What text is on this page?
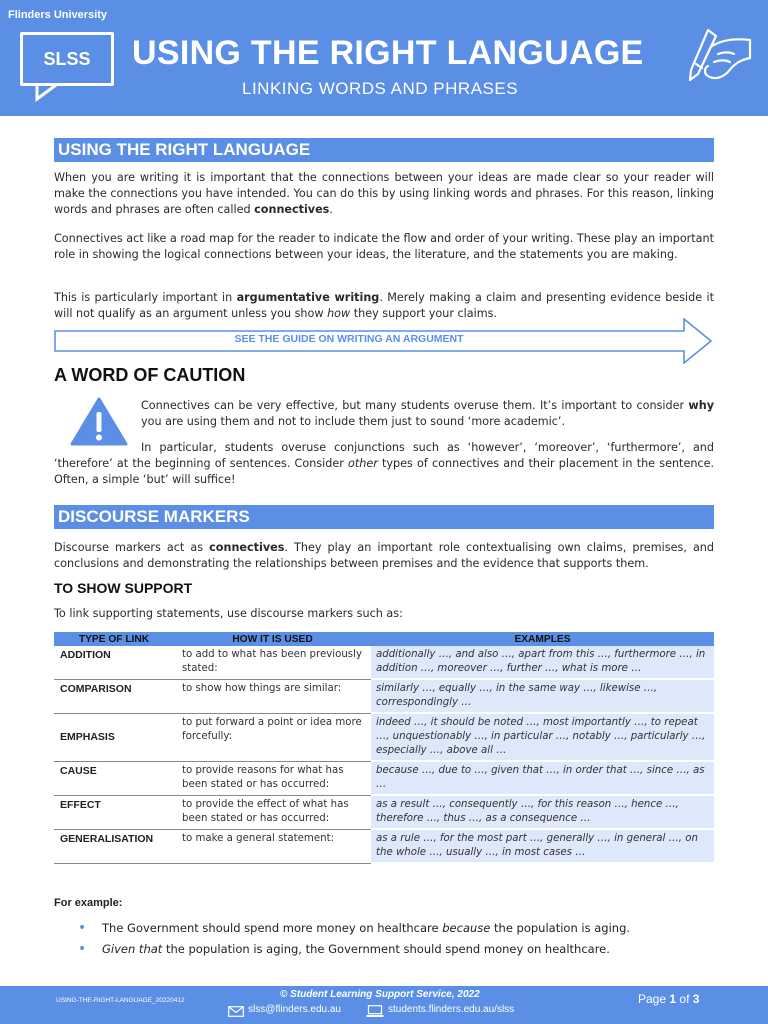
Flinders University
SLSS	USING THE RIGHT LANGUAGE
LINKING WORDS AND PHRASES
USING THE RIGHT LANGUAGE
When you are writing it is important that the connections between your ideas are made clear so your reader will make the connections you have intended. You can do this by using linking words and phrases. For this reason, linking words and phrases are often called connectives.
Connectives act like a road map for the reader to indicate the flow and order of your writing. These play an important role in showing the logical connections between your ideas, the literature, and the statements you are making.
This is particularly important in argumentative writing. Merely making a claim and presenting evidence beside it will not qualify as an argument unless you show how they support your claims.
SEE THE GUIDE ON WRITING AN ARGUMENT
A WORD OF CAUTION
Connectives can be very effective, but many students overuse them. It’s important to consider why you are using them and not to include them just to sound ‘more academic’.
In particular, students overuse conjunctions such as ‘however’, ‘moreover’, ‘furthermore’, and ‘therefore’ at the beginning of sentences. Consider other types of connectives and their placement in the sentence. Often, a simple ‘but’ will suffice!
DISCOURSE MARKERS
Discourse markers act as connectives. They play an important role contextualising own claims, premises, and conclusions and demonstrating the relationships between premises and the evidence that supports them.
TO SHOW SUPPORT
To link supporting statements, use discourse markers such as:
TYPE OF LINK	HOW IT IS USED	EXAMPLES
ADDITION	to add to what has been previously stated:	additionally …, and also …, apart from this …, furthermore …, in addition …, moreover …, further …, what is more …
COMPARISON	to show how things are similar:	similarly …, equally …, in the same way …, likewise …, correspondingly …
EMPHASIS	to put forward a point or idea more forcefully:	indeed …, it should be noted …, most importantly …, to repeat …, unquestionably …, in particular …, notably …, particularly …, especially …, above all …
CAUSE	to provide reasons for what has been stated or has occurred:	because …, due to …, given that …, in order that …, since …, as …
EFFECT	to provide the effect of what has been stated or has occurred:	as a result …, consequently …, for this reason …, hence …, therefore …, thus …, as a consequence …
GENERALISATION	to make a general statement:	as a rule …, for the most part …, generally …, in general …, on the whole …, usually …, in most cases …
For example:
• The Government should spend more money on healthcare because the population is aging.
• Given that the population is aging, the Government should spend money on healthcare.
USING-THE-RIGHT-LANGUAGE_20220412
© Student Learning Support Service, 2022
slss@flinders.edu.au	students.flinders.edu.au/slss
Page 1 of 3
